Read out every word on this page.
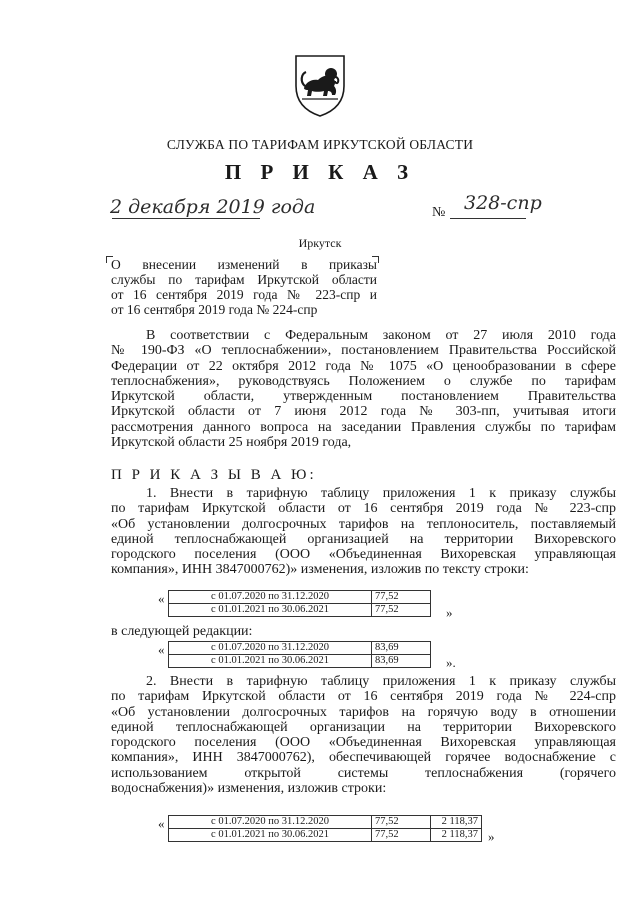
СЛУЖБА ПО ТАРИФАМ ИРКУТСКОЙ ОБЛАСТИ
П Р И К А З
2 декабря 2019 года	№ 328-спр
Иркутск
О внесении изменений в приказы
службы по тарифам Иркутской области
от 16 сентября 2019 года № 223-спр и
от 16 сентября 2019 года № 224-спр
В соответствии с Федеральным законом от 27 июля 2010 года
№ 190-ФЗ «О теплоснабжении», постановлением Правительства Российской
Федерации от 22 октября 2012 года № 1075 «О ценообразовании в сфере
теплоснабжения», руководствуясь Положением о службе по тарифам
Иркутской области, утвержденным постановлением Правительства
Иркутской области от 7 июня 2012 года № 303-пп, учитывая итоги
рассмотрения данного вопроса на заседании Правления службы по тарифам
Иркутской области 25 ноября 2019 года,
П Р И К А З Ы В А Ю:
1. Внести в тарифную таблицу приложения 1 к приказу службы
по тарифам Иркутской области от 16 сентября 2019 года № 223-спр
«Об установлении долгосрочных тарифов на теплоноситель, поставляемый
единой теплоснабжающей организацией на территории Вихоревского
городского поселения (ООО «Объединенная Вихоревская управляющая
компания», ИНН 3847000762)» изменения, изложив по тексту строки:
«	с 01.07.2020 по 31.12.2020	77,52
с 01.01.2021 по 30.06.2021	77,52	»
в следующей редакции:
«	с 01.07.2020 по 31.12.2020	83,69
с 01.01.2021 по 30.06.2021	83,69	».
2. Внести в тарифную таблицу приложения 1 к приказу службы
по тарифам Иркутской области от 16 сентября 2019 года № 224-спр
«Об установлении долгосрочных тарифов на горячую воду в отношении
единой теплоснабжающей организации на территории Вихоревского
городского поселения (ООО «Объединенная Вихоревская управляющая
компания», ИНН 3847000762), обеспечивающей горячее водоснабжение с
использованием открытой системы теплоснабжения (горячего
водоснабжения)» изменения, изложив строки:
«	с 01.07.2020 по 31.12.2020	77,52	2 118,37
с 01.01.2021 по 30.06.2021	77,52	2 118,37 »
